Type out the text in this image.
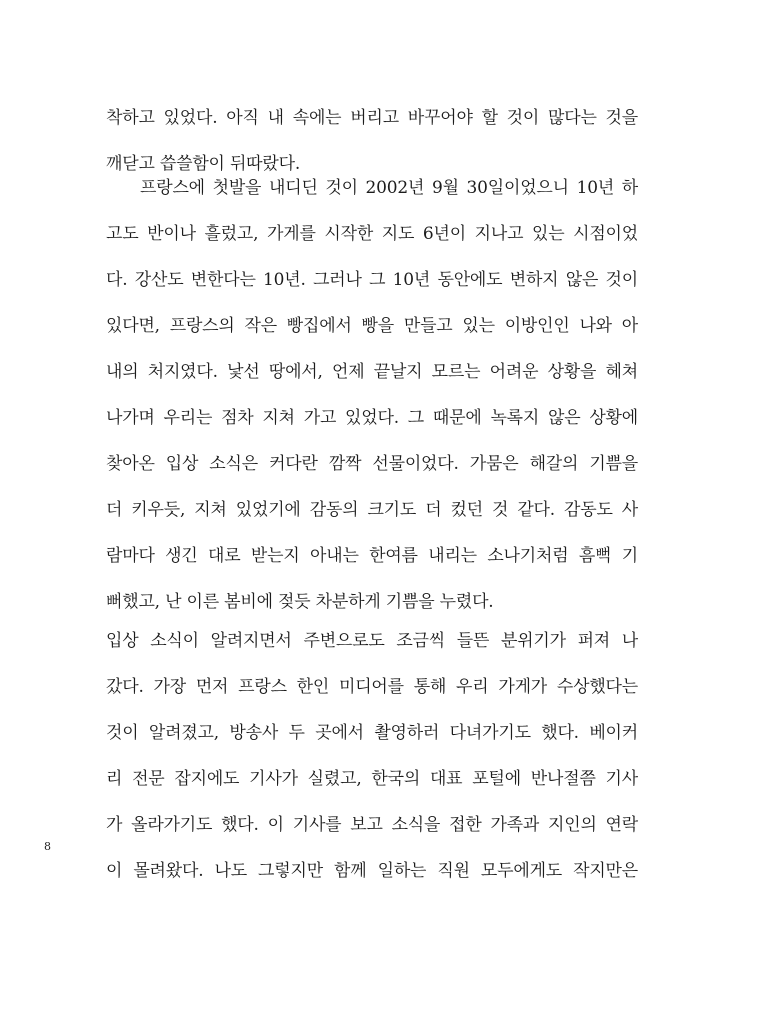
착하고 있었다. 아직 내 속에는 버리고 바꾸어야 할 것이 많다는 것을
깨닫고 씁쓸함이 뒤따랐다.
프랑스에 첫발을 내디딘 것이 2002년 9월 30일이었으니 10년 하
고도 반이나 흘렀고, 가게를 시작한 지도 6년이 지나고 있는 시점이었
다. 강산도 변한다는 10년. 그러나 그 10년 동안에도 변하지 않은 것이
있다면, 프랑스의 작은 빵집에서 빵을 만들고 있는 이방인인 나와 아
내의 처지였다. 낯선 땅에서, 언제 끝날지 모르는 어려운 상황을 헤쳐
나가며 우리는 점차 지쳐 가고 있었다. 그 때문에 녹록지 않은 상황에
찾아온 입상 소식은 커다란 깜짝 선물이었다. 가뭄은 해갈의 기쁨을
더 키우듯, 지쳐 있었기에 감동의 크기도 더 컸던 것 같다. 감동도 사
람마다 생긴 대로 받는지 아내는 한여름 내리는 소나기처럼 흠뻑 기
뻐했고, 난 이른 봄비에 젖듯 차분하게 기쁨을 누렸다.
입상 소식이 알려지면서 주변으로도 조금씩 들뜬 분위기가 퍼져 나
갔다. 가장 먼저 프랑스 한인 미디어를 통해 우리 가게가 수상했다는
것이 알려졌고, 방송사 두 곳에서 촬영하러 다녀가기도 했다. 베이커
리 전문 잡지에도 기사가 실렸고, 한국의 대표 포털에 반나절쯤 기사
가 올라가기도 했다. 이 기사를 보고 소식을 접한 가족과 지인의 연락
이 몰려왔다. 나도 그렇지만 함께 일하는 직원 모두에게도 작지만은
8
